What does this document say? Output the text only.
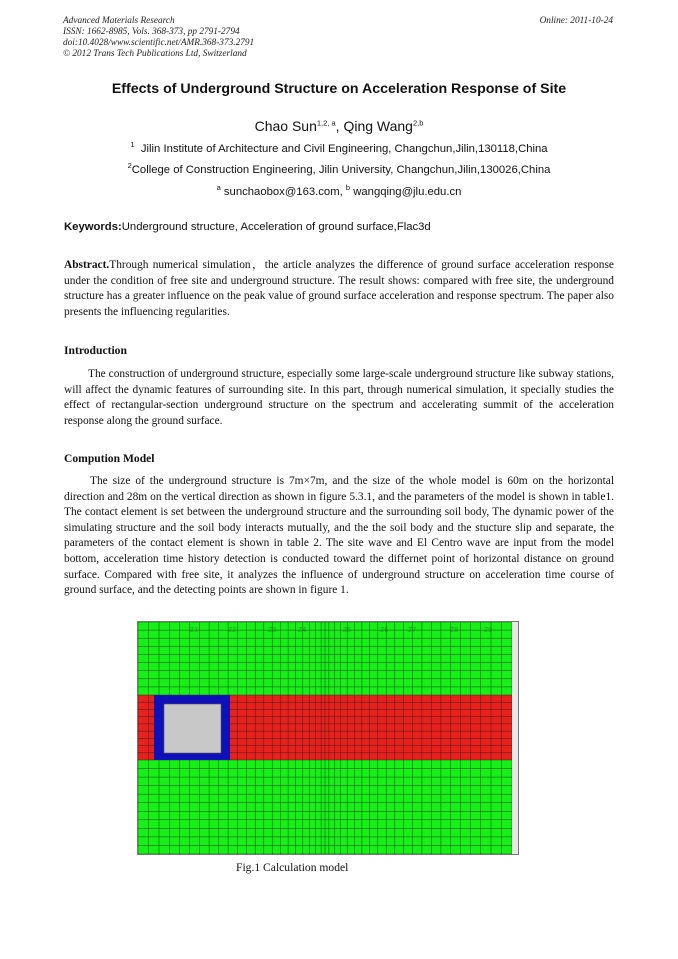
Advanced Materials Research
ISSN: 1662-8985, Vols. 368-373, pp 2791-2794
doi:10.4028/www.scientific.net/AMR.368-373.2791
© 2012 Trans Tech Publications Ltd, Switzerland
Online: 2011-10-24
Effects of Underground Structure on Acceleration Response of Site
Chao Sun$^{1,2, a}$, Qing Wang$^{2,b}$
$^1$ Jilin Institute of Architecture and Civil Engineering, Changchun,Jilin,130118,China
$^2$College of Construction Engineering, Jilin University, Changchun,Jilin,130026,China
$^a$ sunchaobox@163.com, $^b$ wangqing@jlu.edu.cn
Keywords:Underground structure, Acceleration of ground surface,Flac3d
Abstract.Through numerical simulation，the article analyzes the difference of ground surface acceleration response under the condition of free site and underground structure. The result shows: compared with free site, the underground structure has a greater influence on the peak value of ground surface acceleration and response spectrum. The paper also presents the influencing regularities.
Introduction
The construction of underground structure, especially some large-scale underground structure like subway stations, will affect the dynamic features of surrounding site. In this part, through numerical simulation, it specially studies the effect of rectangular-section underground structure on the spectrum and accelerating summit of the acceleration response along the ground surface.
Compution Model
The size of the underground structure is 7m×7m, and the size of the whole model is 60m on the horizontal direction and 28m on the vertical direction as shown in figure 5.3.1, and the parameters of the model is shown in table1. The contact element is set between the underground structure and the surrounding soil body, The dynamic power of the simulating structure and the soil body interacts mutually, and the the soil body and the stucture slip and separate, the parameters of the contact element is shown in table 2. The site wave and El Centro wave are input from the model bottom, acceleration time history detection is conducted toward the differnet point of horizontal distance on ground surface. Compared with free site, it analyzes the influence of underground structure on acceleration time course of ground surface, and the detecting points are shown in figure 1.
Z1	Z2	Z3	Z4	Z5	Z6	Z7	Z8	Z9
Fig.1 Calculation model
